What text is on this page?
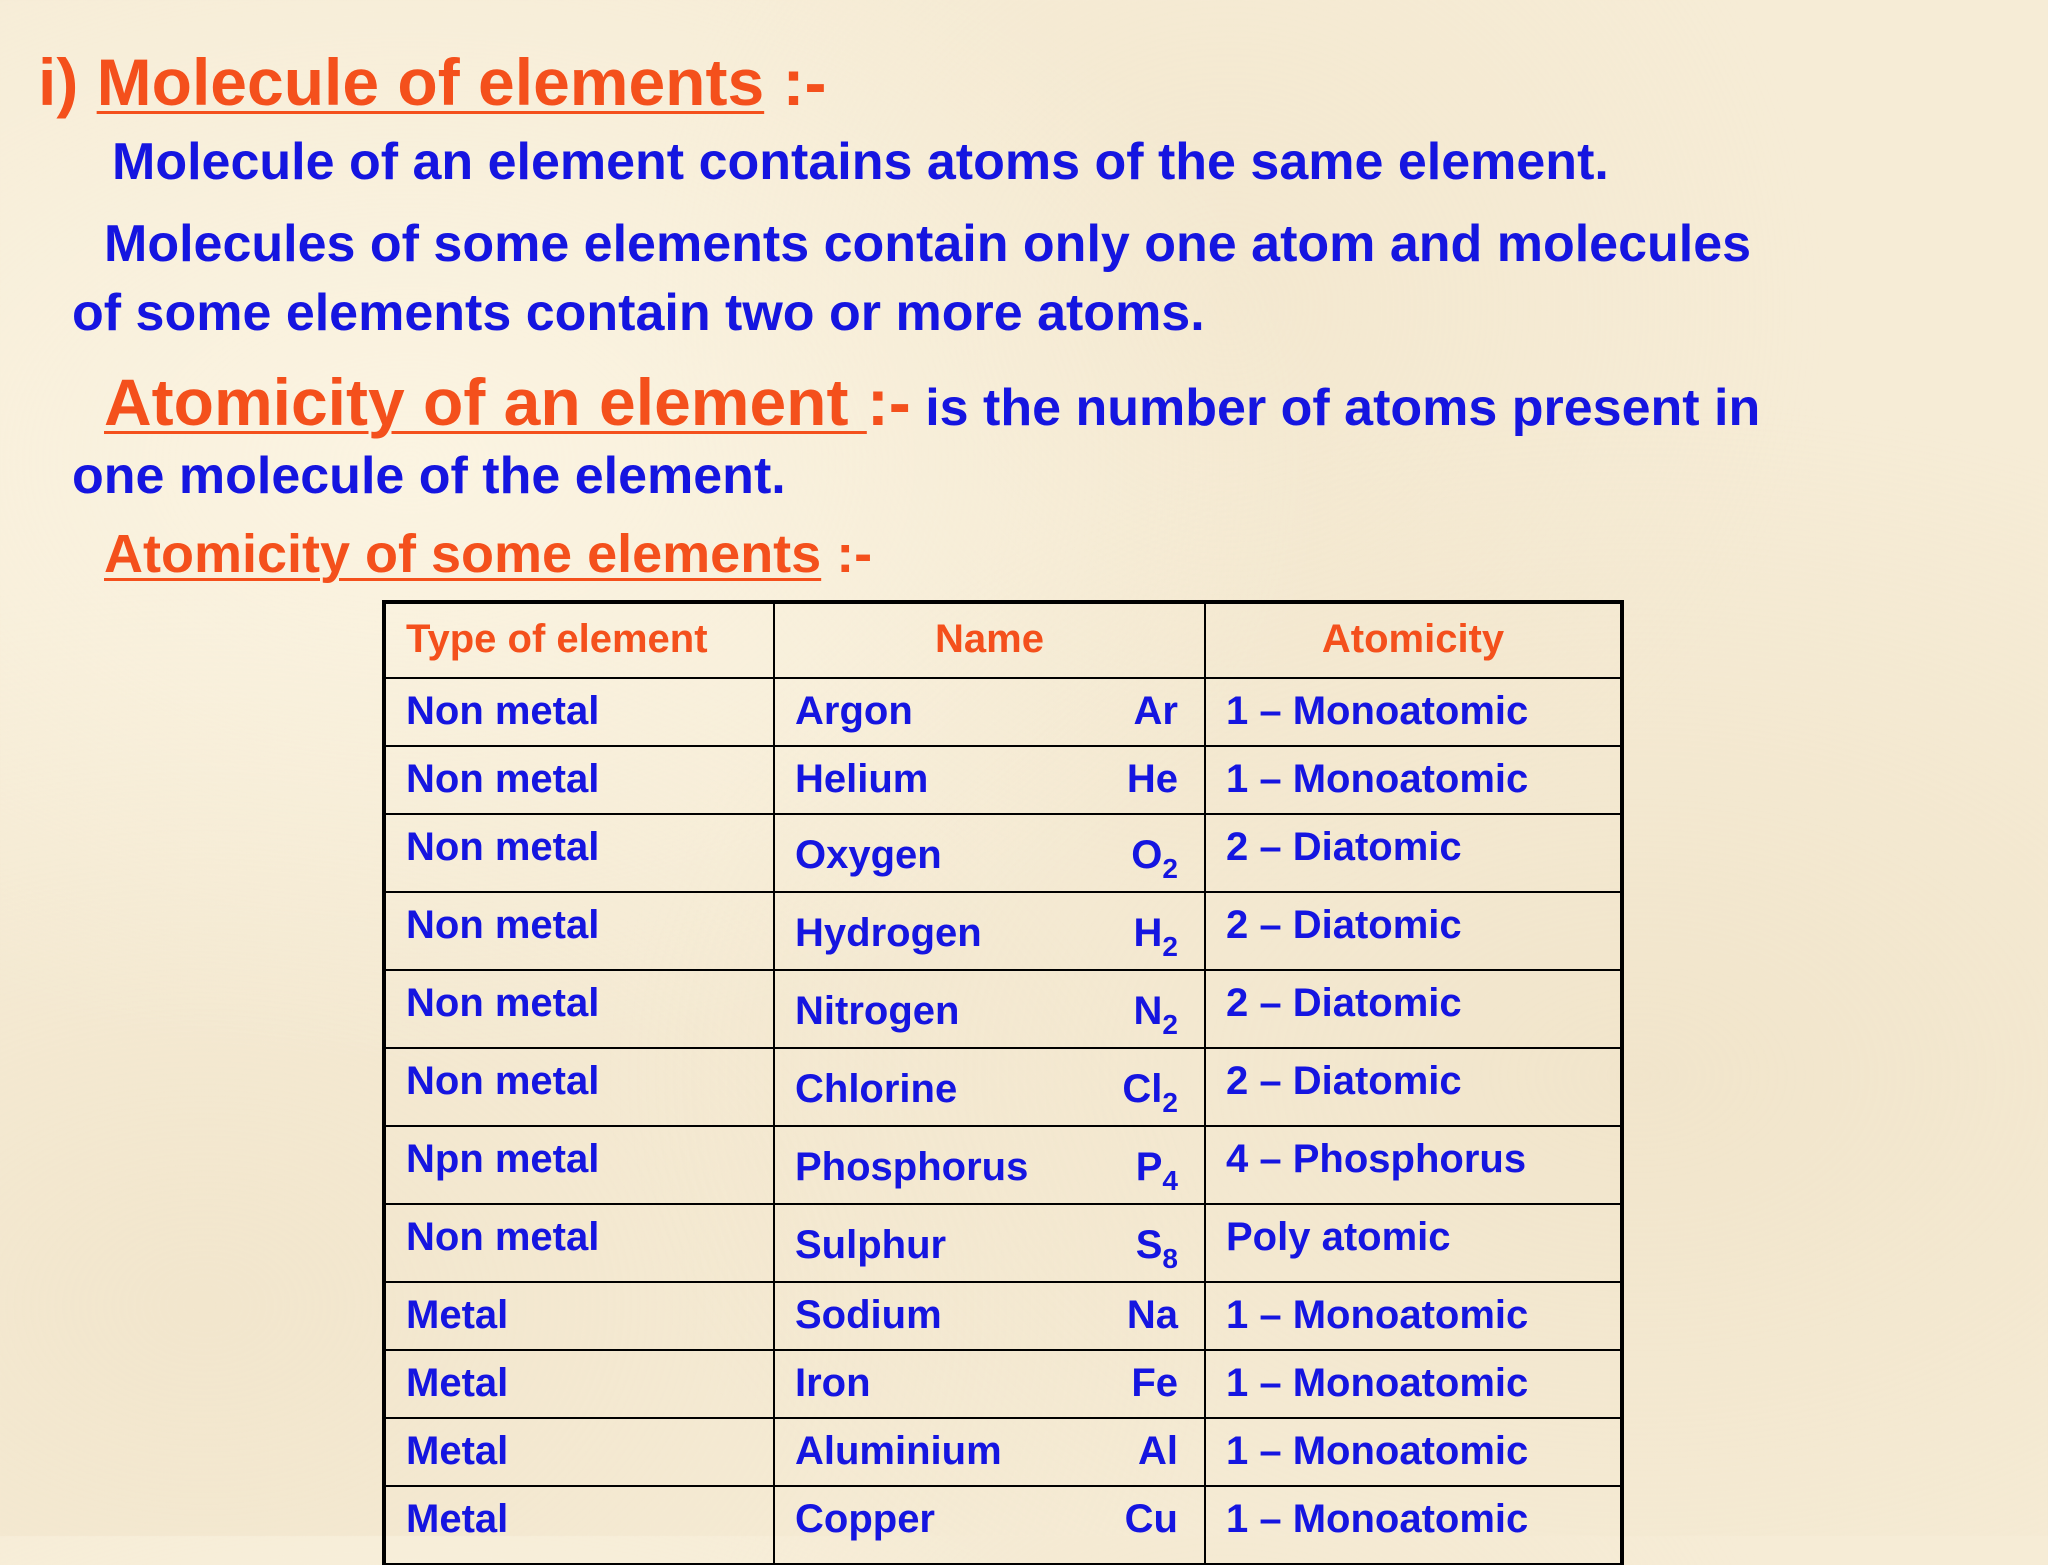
i) Molecule of elements :-
Molecule of an element contains atoms of the same element.
Molecules of some elements contain only one atom and molecules
of some elements contain two or more atoms.
Atomicity of an element :- is the number of atoms present in
one molecule of the element.
Atomicity of some elements :-
Type of element	Name	Atomicity
Non metal	Argon Ar	1 – Monoatomic
Non metal	Helium He	1 – Monoatomic
Non metal	Oxygen $O_2$	2 – Diatomic
Non metal	Hydrogen $H_2$	2 – Diatomic
Non metal	Nitrogen $N_2$	2 – Diatomic
Non metal	Chlorine $Cl_2$	2 – Diatomic
Npn metal	Phosphorus $P_4$	4 – Phosphorus
Non metal	Sulphur $S_8$	Poly atomic
Metal	Sodium Na	1 – Monoatomic
Metal	Iron Fe	1 – Monoatomic
Metal	Aluminium Al	1 – Monoatomic
Metal	Copper Cu	1 – Monoatomic
